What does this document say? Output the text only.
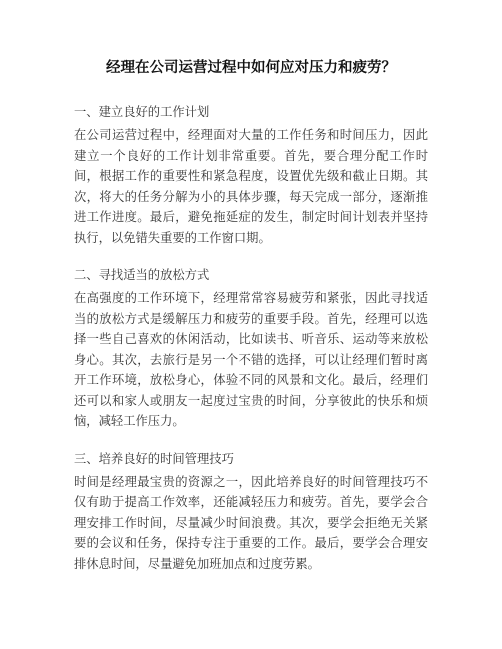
经理在公司运营过程中如何应对压力和疲劳？
一、建立良好的工作计划

在公司运营过程中，经理面对大量的工作任务和时间压力，因此建立一个良好的工作计划非常重要。首先，要合理分配工作时间，根据工作的重要性和紧急程度，设置优先级和截止日期。其次，将大的任务分解为小的具体步骤，每天完成一部分，逐渐推进工作进度。最后，避免拖延症的发生，制定时间计划表并坚持执行，以免错失重要的工作窗口期。

二、寻找适当的放松方式

在高强度的工作环境下，经理常常容易疲劳和紧张，因此寻找适当的放松方式是缓解压力和疲劳的重要手段。首先，经理可以选择一些自己喜欢的休闲活动，比如读书、听音乐、运动等来放松身心。其次，去旅行是另一个不错的选择，可以让经理们暂时离开工作环境，放松身心，体验不同的风景和文化。最后，经理们还可以和家人或朋友一起度过宝贵的时间，分享彼此的快乐和烦恼，减轻工作压力。

三、培养良好的时间管理技巧

时间是经理最宝贵的资源之一，因此培养良好的时间管理技巧不仅有助于提高工作效率，还能减轻压力和疲劳。首先，要学会合理安排工作时间，尽量减少时间浪费。其次，要学会拒绝无关紧要的会议和任务，保持专注于重要的工作。最后，要学会合理安排休息时间，尽量避免加班加点和过度劳累。
